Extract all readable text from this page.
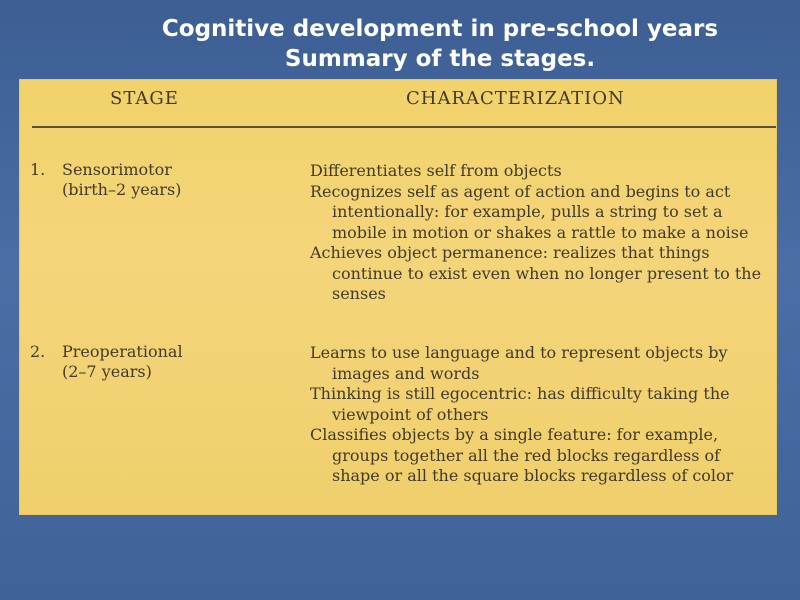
Cognitive development in pre-school years
Summary of the stages.
STAGE	CHARACTERIZATION
1. Sensorimotor
(birth–2 years)

Differentiates self from objects

Recognizes self as agent of action and begins to act intentionally: for example, pulls a string to set a mobile in motion or shakes a rattle to make a noise

Achieves object permanence: realizes that things continue to exist even when no longer present to the senses

2. Preoperational
(2–7 years)

Learns to use language and to represent objects by images and words

Thinking is still egocentric: has difficulty taking the viewpoint of others

Classifies objects by a single feature: for example, groups together all the red blocks regardless of shape or all the square blocks regardless of color
